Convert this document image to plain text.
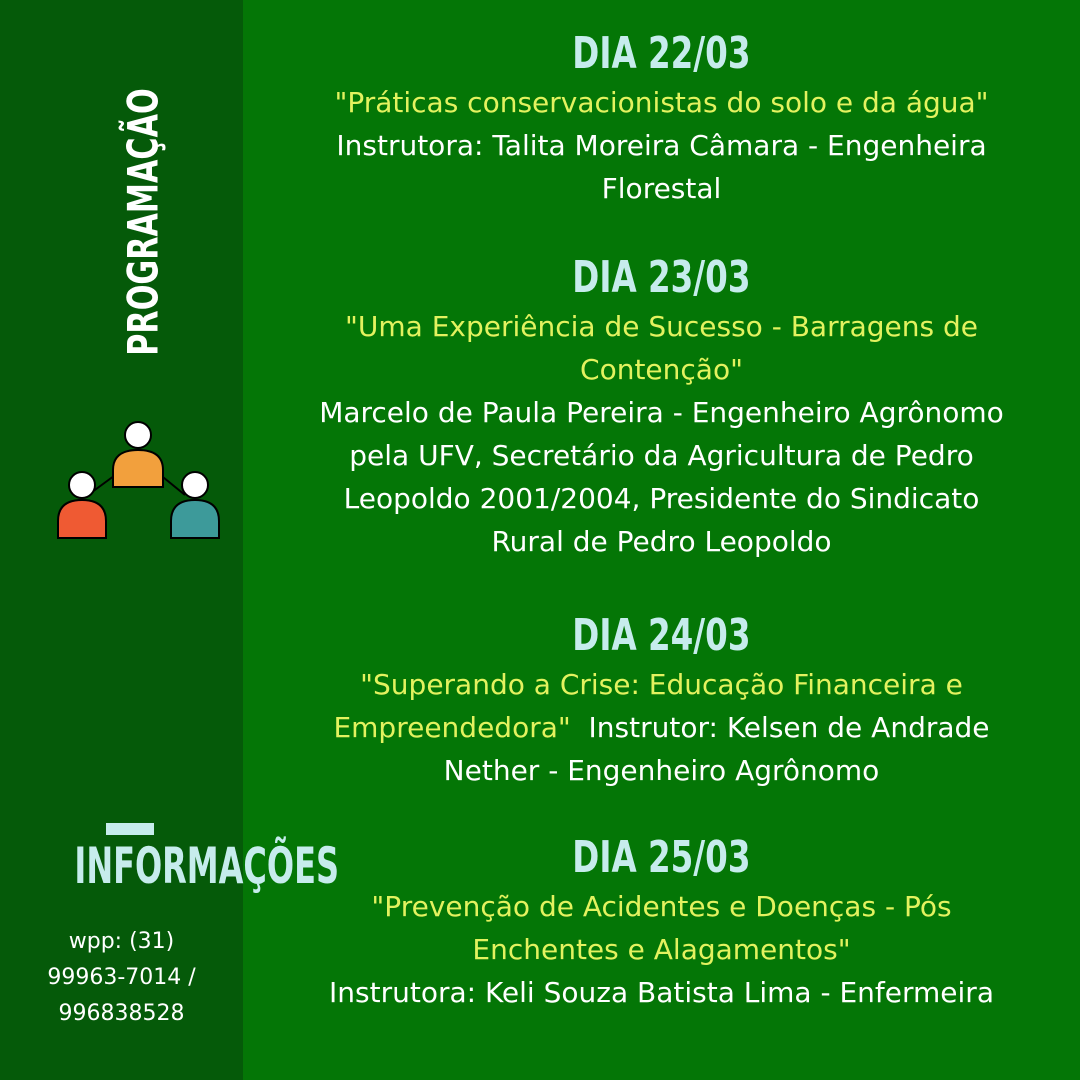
PROGRAMAÇÃO
INFORMAÇÕES
wpp: (31)
99963-7014 /
996838528
DIA 22/03
"Práticas conservacionistas do solo e da água"
Instrutora: Talita Moreira Câmara - Engenheira
Florestal
DIA 23/03
"Uma Experiência de Sucesso - Barragens de
Contenção"
Marcelo de Paula Pereira - Engenheiro Agrônomo
pela UFV, Secretário da Agricultura de Pedro
Leopoldo 2001/2004, Presidente do Sindicato
Rural de Pedro Leopoldo
DIA 24/03
"Superando a Crise: Educação Financeira e
Empreendedora"  Instrutor: Kelsen de Andrade
Nether - Engenheiro Agrônomo
DIA 25/03
"Prevenção de Acidentes e Doenças - Pós
Enchentes e Alagamentos"
Instrutora: Keli Souza Batista Lima - Enfermeira
